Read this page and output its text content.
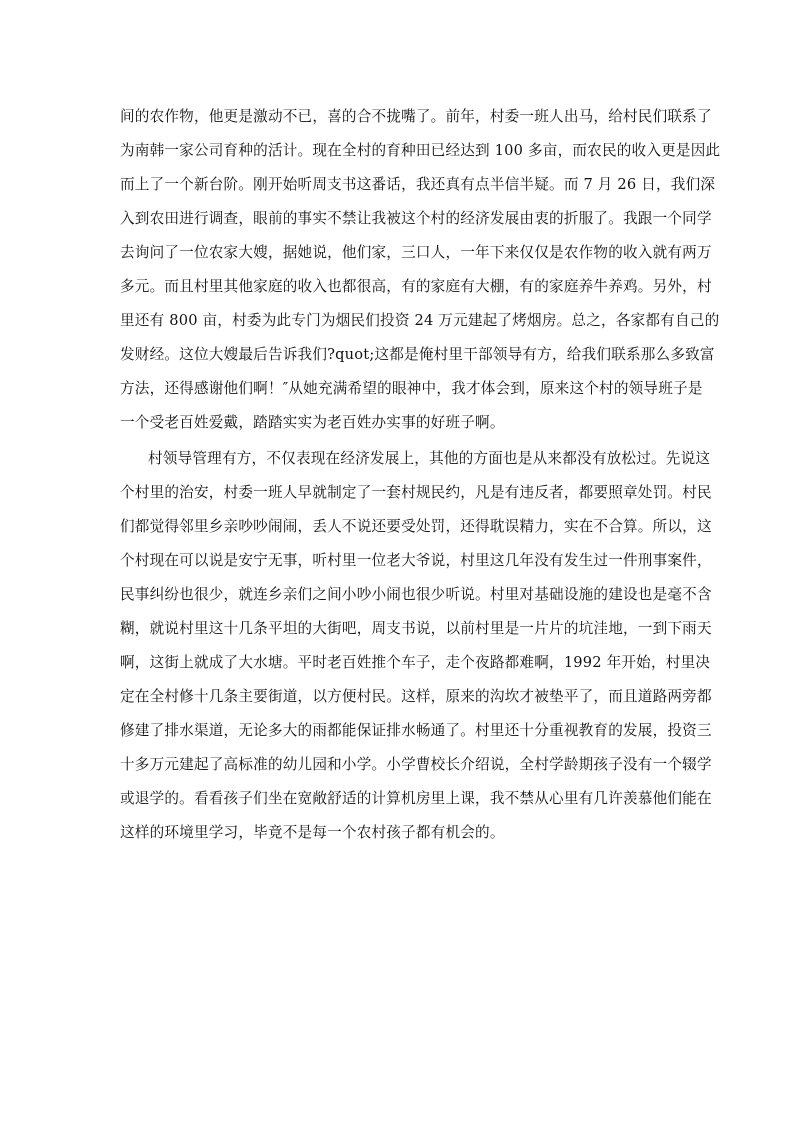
间的农作物，他更是激动不已，喜的合不拢嘴了。前年，村委一班人出马，给村民们联系了
为南韩一家公司育种的活计。现在全村的育种田已经达到 100 多亩，而农民的收入更是因此
而上了一个新台阶。刚开始听周支书这番话，我还真有点半信半疑。而 7 月 26 日，我们深
入到农田进行调查，眼前的事实不禁让我被这个村的经济发展由衷的折服了。我跟一个同学
去询问了一位农家大嫂，据她说，他们家，三口人，一年下来仅仅是农作物的收入就有两万
多元。而且村里其他家庭的收入也都很高，有的家庭有大棚，有的家庭养牛养鸡。另外，村
里还有 800 亩，村委为此专门为烟民们投资 24 万元建起了烤烟房。总之，各家都有自己的
发财经。这位大嫂最后告诉我们?quot;这都是俺村里干部领导有方，给我们联系那么多致富
方法，还得感谢他们啊！″从她充满希望的眼神中，我才体会到，原来这个村的领导班子是
一个受老百姓爱戴，踏踏实实为老百姓办实事的好班子啊。
村领导管理有方，不仅表现在经济发展上，其他的方面也是从来都没有放松过。先说这
个村里的治安，村委一班人早就制定了一套村规民约，凡是有违反者，都要照章处罚。村民
们都觉得邻里乡亲吵吵闹闹，丢人不说还要受处罚，还得耽误精力，实在不合算。所以，这
个村现在可以说是安宁无事，听村里一位老大爷说，村里这几年没有发生过一件刑事案件，
民事纠纷也很少，就连乡亲们之间小吵小闹也很少听说。村里对基础设施的建设也是毫不含
糊，就说村里这十几条平坦的大街吧，周支书说，以前村里是一片片的坑洼地，一到下雨天
啊，这街上就成了大水塘。平时老百姓推个车子，走个夜路都难啊，1992 年开始，村里决
定在全村修十几条主要街道，以方便村民。这样，原来的沟坎才被垫平了，而且道路两旁都
修建了排水渠道，无论多大的雨都能保证排水畅通了。村里还十分重视教育的发展，投资三
十多万元建起了高标准的幼儿园和小学。小学曹校长介绍说，全村学龄期孩子没有一个辍学
或退学的。看看孩子们坐在宽敞舒适的计算机房里上课，我不禁从心里有几许羡慕他们能在
这样的环境里学习，毕竟不是每一个农村孩子都有机会的。
